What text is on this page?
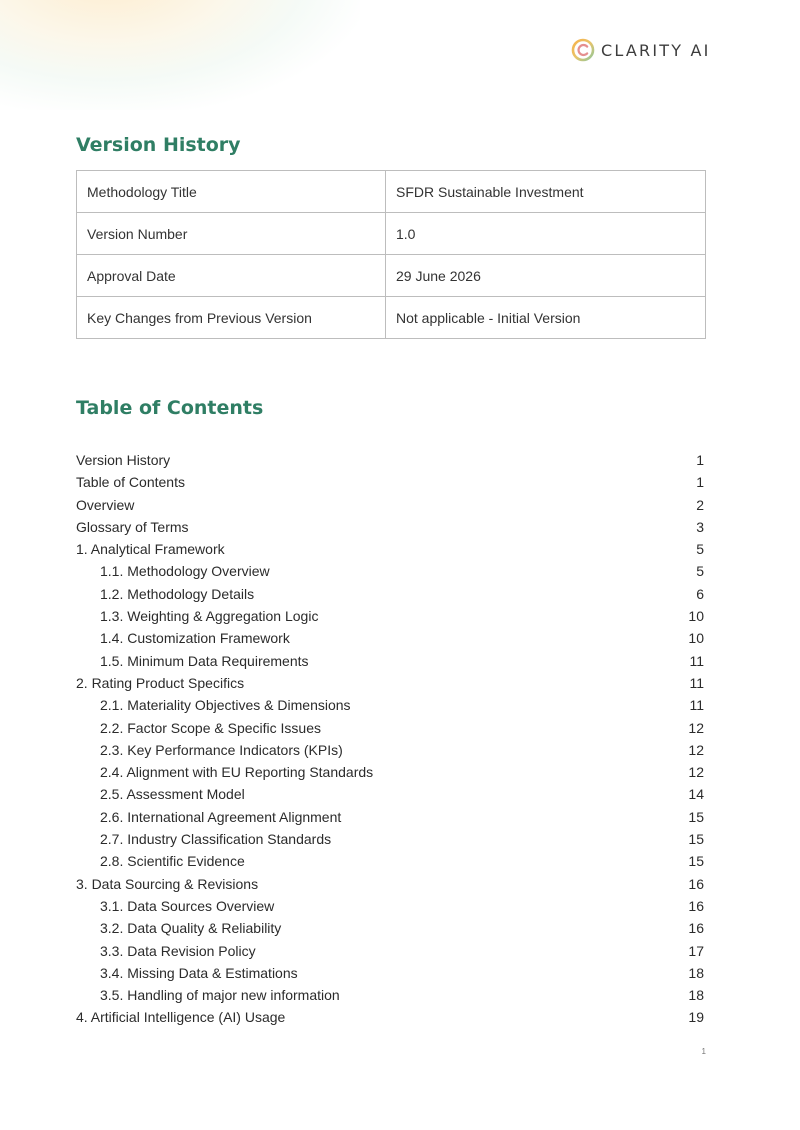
CLARITY AI
Version History
Methodology Title	SFDR Sustainable Investment
Version Number	1.0
Approval Date	29 June 2026
Key Changes from Previous Version	Not applicable - Initial Version
Table of Contents
Version History	1
Table of Contents	1
Overview	2
Glossary of Terms	3
1. Analytical Framework	5
1.1. Methodology Overview	5
1.2. Methodology Details	6
1.3. Weighting & Aggregation Logic	10
1.4. Customization Framework	10
1.5. Minimum Data Requirements	11
2. Rating Product Specifics	11
2.1. Materiality Objectives & Dimensions	11
2.2. Factor Scope & Specific Issues	12
2.3. Key Performance Indicators (KPIs)	12
2.4. Alignment with EU Reporting Standards	12
2.5. Assessment Model	14
2.6. International Agreement Alignment	15
2.7. Industry Classification Standards	15
2.8. Scientific Evidence	15
3. Data Sourcing & Revisions	16
3.1. Data Sources Overview	16
3.2. Data Quality & Reliability	16
3.3. Data Revision Policy	17
3.4. Missing Data & Estimations	18
3.5. Handling of major new information	18
4. Artificial Intelligence (AI) Usage	19
1
